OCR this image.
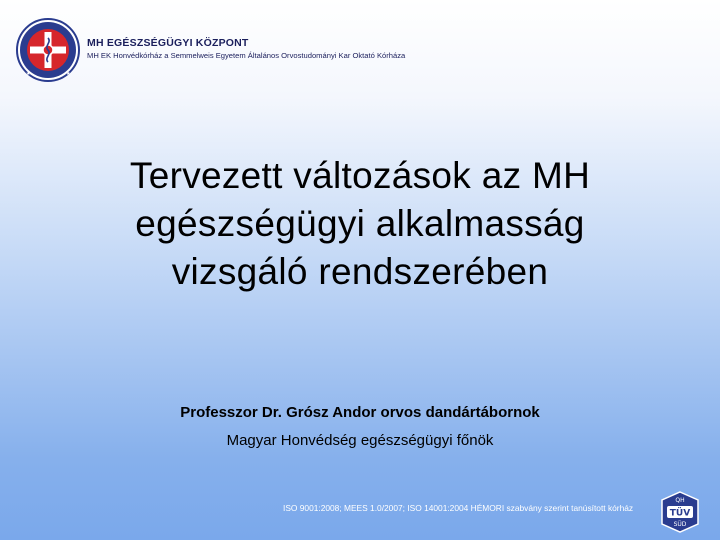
★
★
MH EGÉSZSÉGÜGYI KÖZPONT
MH EK Honvédkórház a Semmelweis Egyetem Általános Orvostudományi Kar Oktató Kórháza
Tervezett változások az MH
egészségügyi alkalmasság
vizsgáló rendszerében
Professzor Dr. Grósz Andor orvos dandártábornok
Magyar Honvédség egészségügyi főnök
ISO 9001:2008; MEES 1.0/2007; ISO 14001:2004 HÉMORI szabvány szerint tanúsított kórház
QH
TÜV
SÜD
